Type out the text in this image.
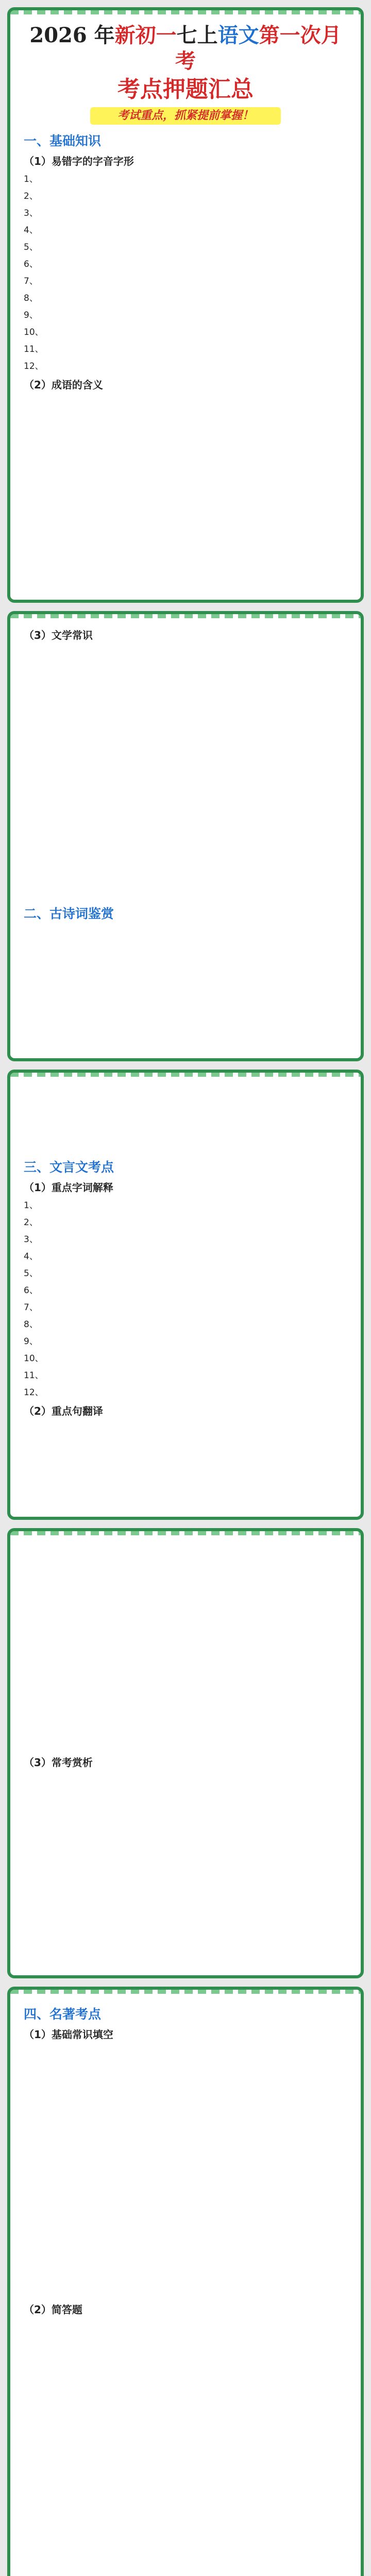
2026 年新初一七上语文第一次月考
考点押题汇总
考试重点，抓紧提前掌握！
一、基础知识
（1）易错字的字音字形
1、
2、
3、
4、
5、
6、
7、
8、
9、
10、
11、
12、
（2）成语的含义
（3）文学常识
二、古诗词鉴赏
三、文言文考点
（1）重点字词解释
1、
2、
3、
4、
5、
6、
7、
8、
9、
10、
11、
12、
（2）重点句翻译
（3）常考赏析
四、名著考点
（1）基础常识填空
（2）简答题
